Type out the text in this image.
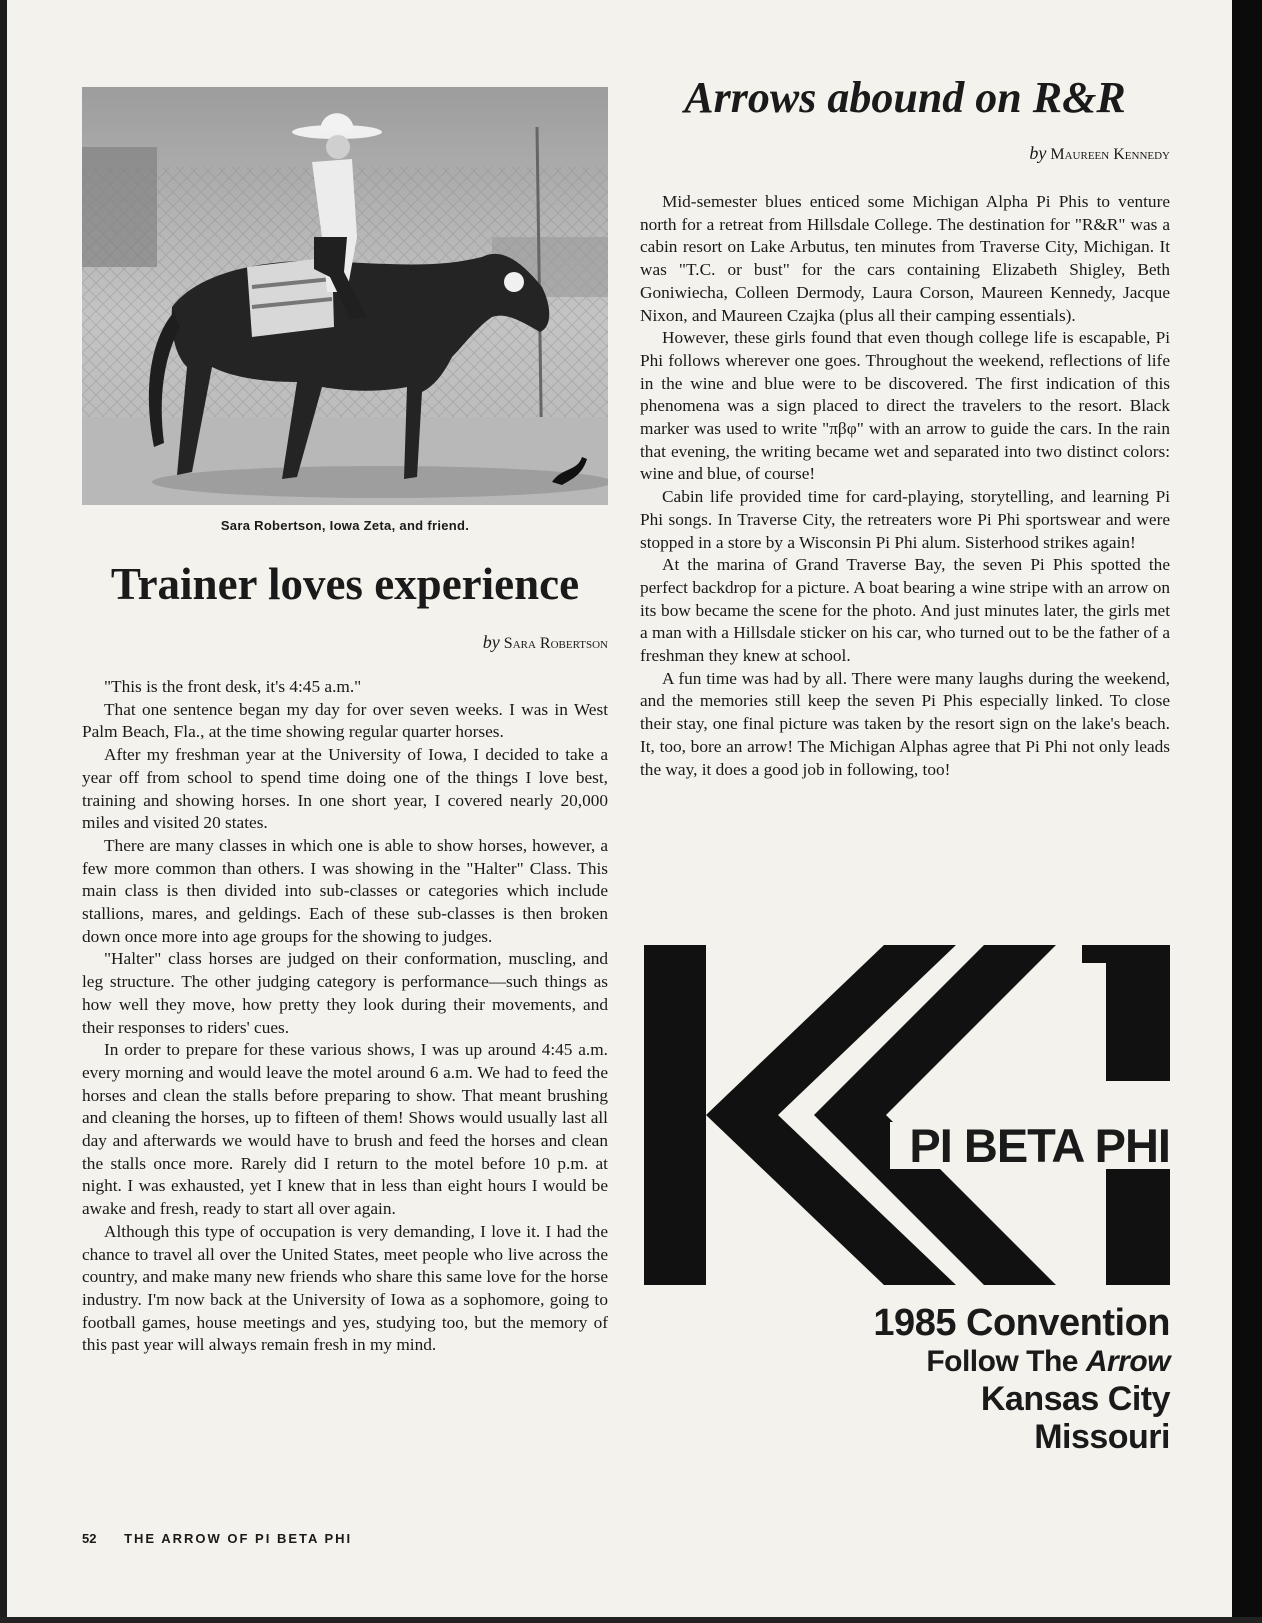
Sara Robertson, Iowa Zeta, and friend.
Trainer loves experience
by Sara Robertson

"This is the front desk, it's 4:45 a.m."

That one sentence began my day for over seven weeks. I was in West Palm Beach, Fla., at the time showing regular quarter horses.

After my freshman year at the University of Iowa, I decided to take a year off from school to spend time doing one of the things I love best, training and showing horses. In one short year, I covered nearly 20,000 miles and visited 20 states.

There are many classes in which one is able to show horses, however, a few more common than others. I was showing in the "Halter" Class. This main class is then divided into sub-classes or categories which include stallions, mares, and geldings. Each of these sub-classes is then broken down once more into age groups for the showing to judges.

"Halter" class horses are judged on their conformation, muscling, and leg structure. The other judging category is performance—such things as how well they move, how pretty they look during their movements, and their responses to riders' cues.

In order to prepare for these various shows, I was up around 4:45 a.m. every morning and would leave the motel around 6 a.m. We had to feed the horses and clean the stalls before preparing to show. That meant brushing and cleaning the horses, up to fifteen of them! Shows would usually last all day and afterwards we would have to brush and feed the horses and clean the stalls once more. Rarely did I return to the motel before 10 p.m. at night. I was exhausted, yet I knew that in less than eight hours I would be awake and fresh, ready to start all over again.

Although this type of occupation is very demanding, I love it. I had the chance to travel all over the United States, meet people who live across the country, and make many new friends who share this same love for the horse industry. I'm now back at the University of Iowa as a sophomore, going to football games, house meetings and yes, studying too, but the memory of this past year will always remain fresh in my mind.

52 THE ARROW OF PI BETA PHI
Arrows abound on R&R
by Maureen Kennedy

Mid-semester blues enticed some Michigan Alpha Pi Phis to venture north for a retreat from Hillsdale College. The destination for "R&R" was a cabin resort on Lake Arbutus, ten minutes from Traverse City, Michigan. It was "T.C. or bust" for the cars containing Elizabeth Shigley, Beth Goniwiecha, Colleen Dermody, Laura Corson, Maureen Kennedy, Jacque Nixon, and Maureen Czajka (plus all their camping essentials).

However, these girls found that even though college life is escapable, Pi Phi follows wherever one goes. Throughout the weekend, reflections of life in the wine and blue were to be discovered. The first indication of this phenomena was a sign placed to direct the travelers to the resort. Black marker was used to write "πβφ" with an arrow to guide the cars. In the rain that evening, the writing became wet and separated into two distinct colors: wine and blue, of course!

Cabin life provided time for card-playing, storytelling, and learning Pi Phi songs. In Traverse City, the retreaters wore Pi Phi sportswear and were stopped in a store by a Wisconsin Pi Phi alum. Sisterhood strikes again!

At the marina of Grand Traverse Bay, the seven Pi Phis spotted the perfect backdrop for a picture. A boat bearing a wine stripe with an arrow on its bow became the scene for the photo. And just minutes later, the girls met a man with a Hillsdale sticker on his car, who turned out to be the father of a freshman they knew at school.

A fun time was had by all. There were many laughs during the weekend, and the memories still keep the seven Pi Phis especially linked. To close their stay, one final picture was taken by the resort sign on the lake's beach. It, too, bore an arrow! The Michigan Alphas agree that Pi Phi not only leads the way, it does a good job in following, too!

PI BETA PHI
1985 Convention
Follow The Arrow
Kansas City
Missouri
